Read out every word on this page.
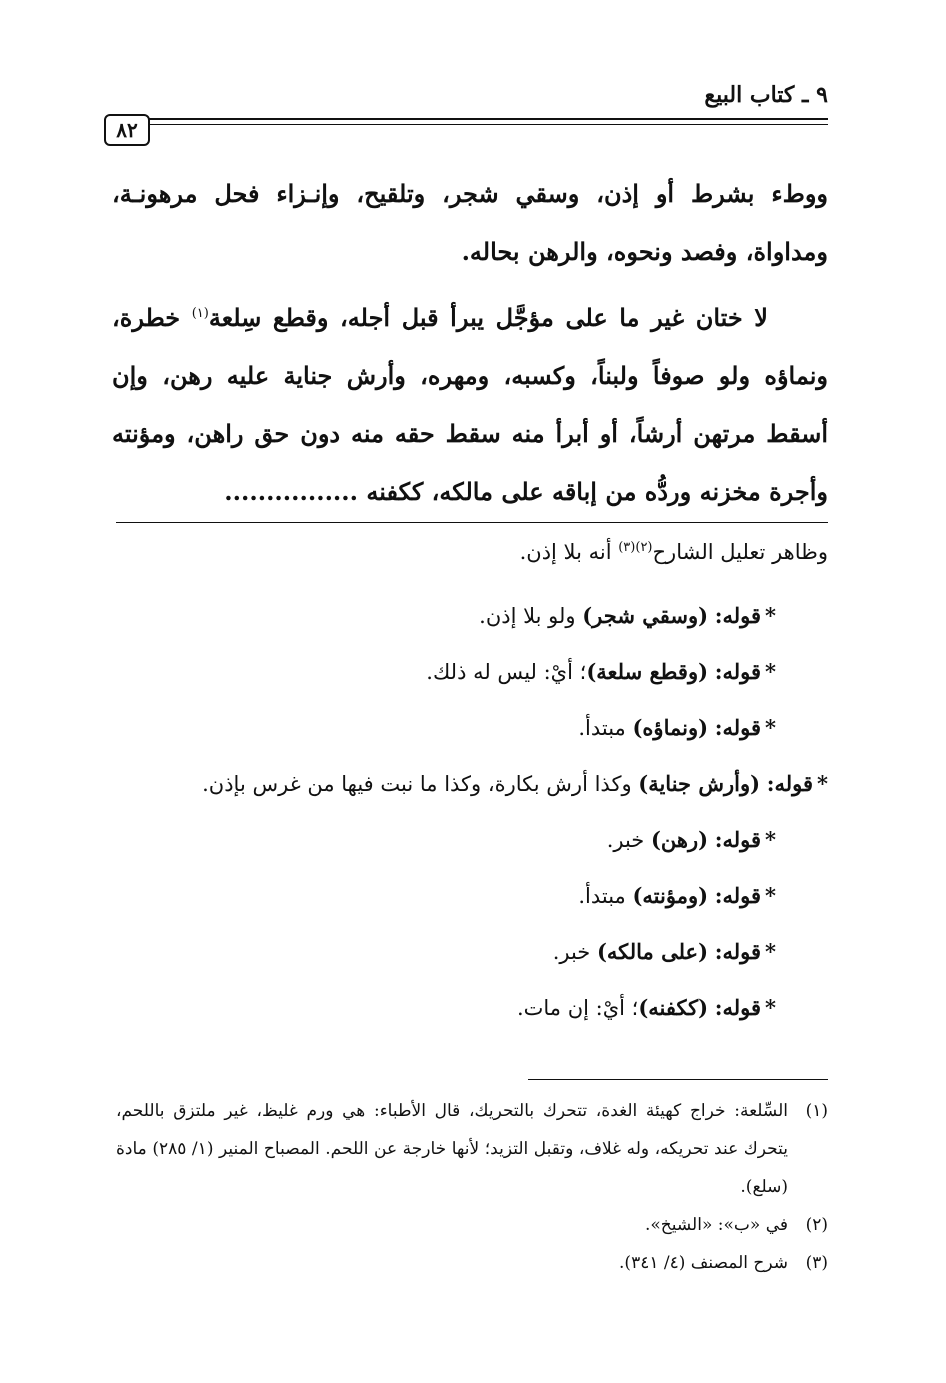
٩ ـ كتاب البيع
٨٢

ووطء بشرط أو إذن، وسقي شجر، وتلقيح، وإنـزاء فحل مرهونـة، ومداواة، وفصد ونحوه، والرهن بحاله.

لا ختان غير ما على مؤجَّل يبرأ قبل أجله، وقطع سِلعة$^{(١)}$ خطرة، ونماؤه ولو صوفاً ولبناً، وكسبه، ومهره، وأرش جناية عليه رهن، وإن أسقط مرتهن أرشاً، أو أبرأ منه سقط حقه منه دون حق راهن، ومؤنته وأجرة مخزنه وردُّه من إباقه على مالكه، ككفنه ................

وظاهر تعليل الشارح$^{(٢)(٣)}$ أنه بلا إذن.

*قوله: (وسقي شجر) ولو بلا إذن.

*قوله: (وقطع سلعة)؛ أيْ: ليس له ذلك.

*قوله: (ونماؤه) مبتدأ.

*قوله: (وأرش جناية) وكذا أرش بكارة، وكذا ما نبت فيها من غرس بإذن.

*قوله: (رهن) خبر.

*قوله: (ومؤنته) مبتدأ.

*قوله: (على مالكه) خبر.

*قوله: (ككفنه)؛ أيْ: إن مات.

(١)
السِّلعة: خراج كهيئة الغدة، تتحرك بالتحريك، قال الأطباء: هي ورم غليظ، غير ملتزق باللحم، يتحرك عند تحريكه، وله غلاف، وتقبل التزيد؛ لأنها خارجة عن اللحم. المصباح المنير (١/ ٢٨٥) مادة (سلع).

(٢)
في «ب»: «الشيخ».

(٣)
شرح المصنف (٤/ ٣٤١).
